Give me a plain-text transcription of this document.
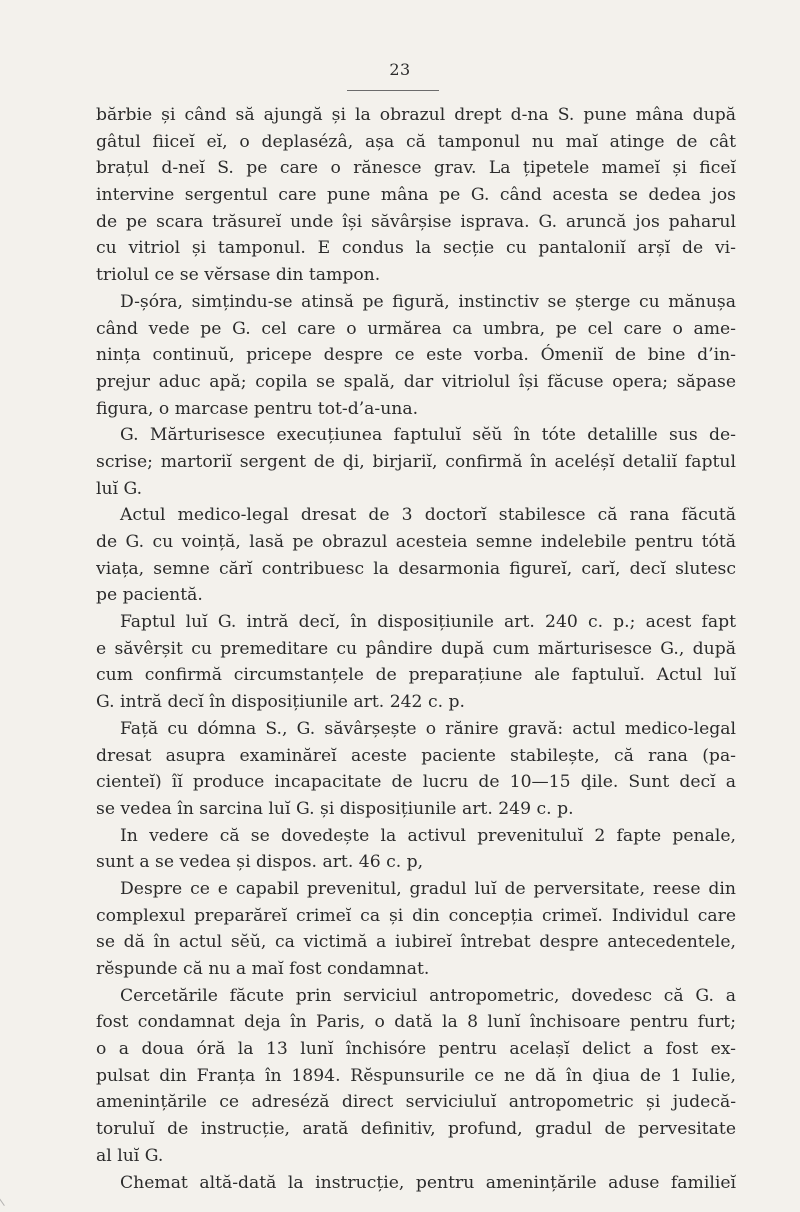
23
bărbie și când să ajungă și la obrazul drept d-na S. pune mâna după
gâtul fiiceĭ eĭ, o deplasézâ, așa că tamponul nu maĭ atinge de cât
brațul d-neĭ S. pe care o rănesce grav. La țipetele mameĭ și ficeĭ
intervine sergentul care pune mâna pe G. când acesta se dedea jos
de pe scara trăsureĭ unde își săvârșise isprava. G. aruncă jos paharul
cu vitriol și tamponul. E condus la secție cu pantaloniĭ arșĭ de vi-
triolul ce se vĕrsase din tampon.
D-șóra, simțindu-se atinsă pe figură, instinctiv se șterge cu mănușa
când vede pe G. cel care o urmărea ca umbra, pe cel care o ame-
nința continuŭ, pricepe despre ce este vorba. Ómeniĭ de bine d’in-
prejur aduc apă; copila se spală, dar vitriolul își făcuse opera; săpase
figura, o marcase pentru tot-d’a-una.
G. Mărturisesce execuțiunea faptuluĭ sĕŭ în tóte detalille sus de-
scrise; martoriĭ sergent de ḑi, birjariĭ, confirmă în aceléșĭ detaliĭ faptul
luĭ G.
Actul medico-legal dresat de 3 doctorĭ stabilesce că rana făcută
de G. cu voință, lasă pe obrazul acesteia semne indelebile pentru tótă
viața, semne cărĭ contribuesc la desarmonia figureĭ, carĭ, decĭ slutesc
pe pacientă.
Faptul luĭ G. intră decĭ, în disposițiunile art. 240 c. p.; acest fapt
e săvêrșit cu premeditare cu pândire după cum mărturisesce G., după
cum confirmă circumstanțele de preparațiune ale faptuluĭ. Actul luĭ
G. intră decĭ în disposițiunile art. 242 c. p.
Față cu dómna S., G. săvârșește o rănire gravă: actul medico-legal
dresat asupra examinăreĭ aceste paciente stabilește, că rana (pa-
cienteĭ) îĭ produce incapacitate de lucru de 10—15 ḑile. Sunt decĭ a
se vedea în sarcina luĭ G. și disposițiunile art. 249 c. p.
In vedere că se dovedește la activul prevenituluĭ 2 fapte penale,
sunt a se vedea și dispos. art. 46 c. p,
Despre ce e capabil prevenitul, gradul luĭ de perversitate, reese din
complexul preparăreĭ crimeĭ ca și din concepția crimeĭ. Individul care
se dă în actul sĕŭ, ca victimă a iubireĭ întrebat despre antecedentele,
rĕspunde că nu a maĭ fost condamnat.
Cercetările făcute prin serviciul antropometric, dovedesc că G. a
fost condamnat deja în Paris, o dată la 8 lunĭ închisoare pentru furt;
o a doua óră la 13 lunĭ închisóre pentru acelașĭ delict a fost ex-
pulsat din Franța în 1894. Rĕspunsurile ce ne dă în ḑiua de 1 Iulie,
amenințările ce adreséză direct serviciuluĭ antropometric și judecă-
toruluĭ de instrucție, arată definitiv, profund, gradul de pervesitate
al luĭ G.
Chemat altă-dată la instrucție, pentru amenințările aduse familieĭ
